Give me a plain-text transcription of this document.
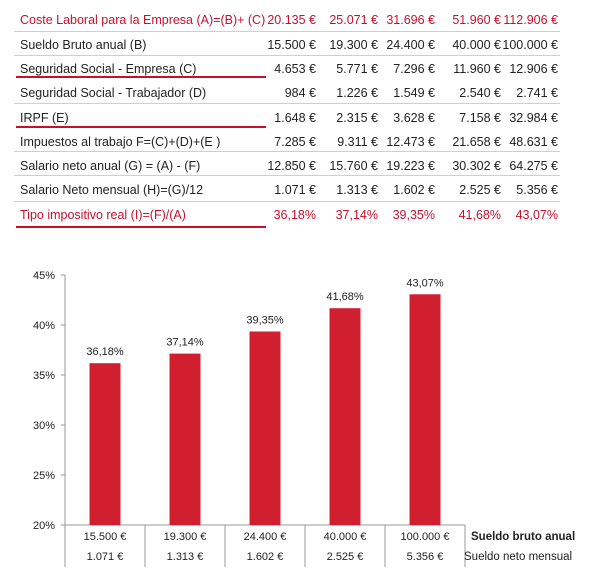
Coste Laboral para la Empresa (A)=(B)+ (C) 20.135 €	25.071 € 31.696 €	51.960 € 112.906 €
Sueldo Bruto anual (B)	15.500 €	19.300 € 24.400 €	40.000 € 100.000 €
Seguridad Social - Empresa (C)	4.653 €	5.771 €	7.296 €	11.960 € 12.906 €
Seguridad Social - Trabajador (D)	984 €	1.226 €	1.549 €	2.540 €	2.741 €
IRPF (E)	1.648 €	2.315 €	3.628 €	7.158 € 32.984 €
Impuestos al trabajo F=(C)+(D)+(E )	7.285 €	9.311 € 12.473 €	21.658 € 48.631 €
Salario neto anual (G) = (A) - (F)	12.850 €	15.760 € 19.223 €	30.302 € 64.275 €
Salario Neto mensual (H)=(G)/12	1.071 €	1.313 €	1.602 €	2.525 €	5.356 €
Tipo impositivo real (I)=(F)/(A)	36,18%	37,14%	39,35%	41,68%	43,07%
20%
25%
30%
35%
40%
45%
36,18%
15.500 €
1.071 €
37,14%
19.300 €
1.313 €
39,35%
24.400 €
1.602 €
41,68%
40.000 €
2.525 €
43,07%
100.000 €
5.356 €
Sueldo bruto anual
Sueldo neto mensual
